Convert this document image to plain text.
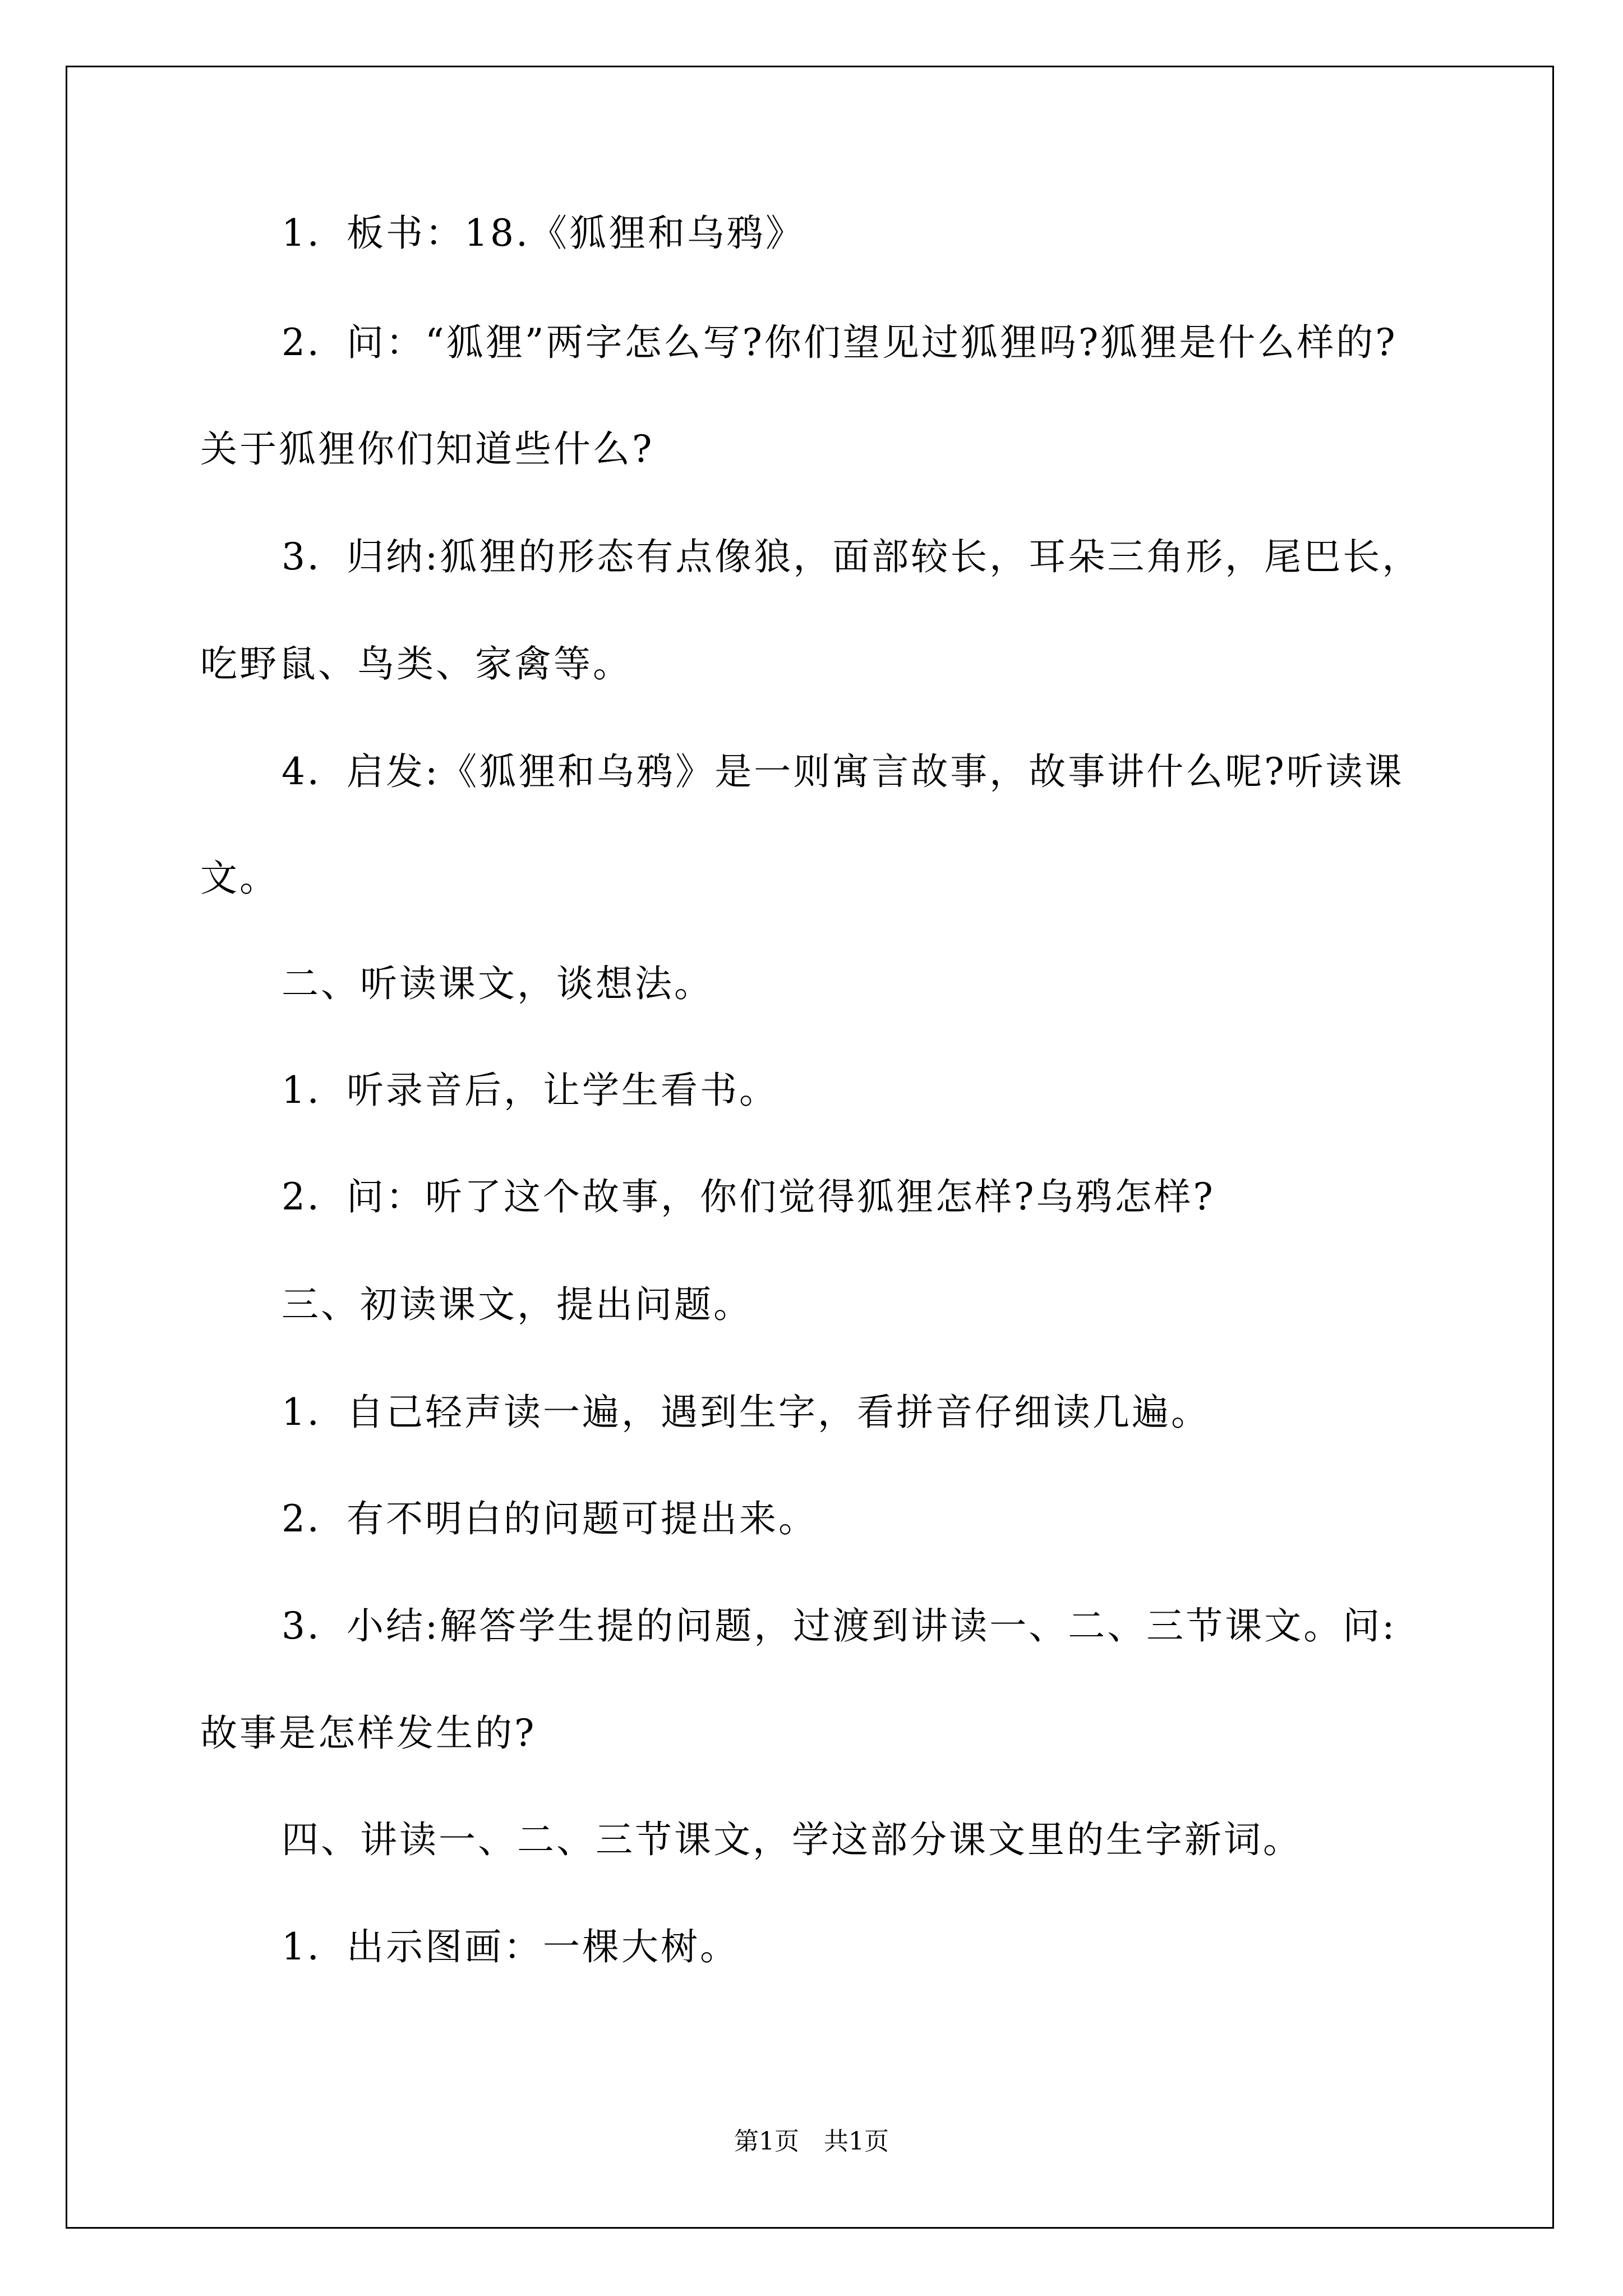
1．板书：18.《狐狸和乌鸦》
2．问：“狐狸”两字怎么写?你们望见过狐狸吗?狐狸是什么样的?
关于狐狸你们知道些什么?
3．归纳:狐狸的形态有点像狼，面部较长，耳朵三角形，尾巴长，
吃野鼠、鸟类、家禽等。
4．启发:《狐狸和乌鸦》是一则寓言故事，故事讲什么呢?听读课
文。
二、听读课文，谈想法。
1．听录音后，让学生看书。
2．问：听了这个故事，你们觉得狐狸怎样?乌鸦怎样?
三、初读课文，提出问题。
1．自己轻声读一遍，遇到生字，看拼音仔细读几遍。
2．有不明白的问题可提出来。
3．小结:解答学生提的问题，过渡到讲读一、二、三节课文。问:
故事是怎样发生的?
四、讲读一、二、三节课文，学这部分课文里的生字新词。
1．出示图画：一棵大树。
第1页　共1页
